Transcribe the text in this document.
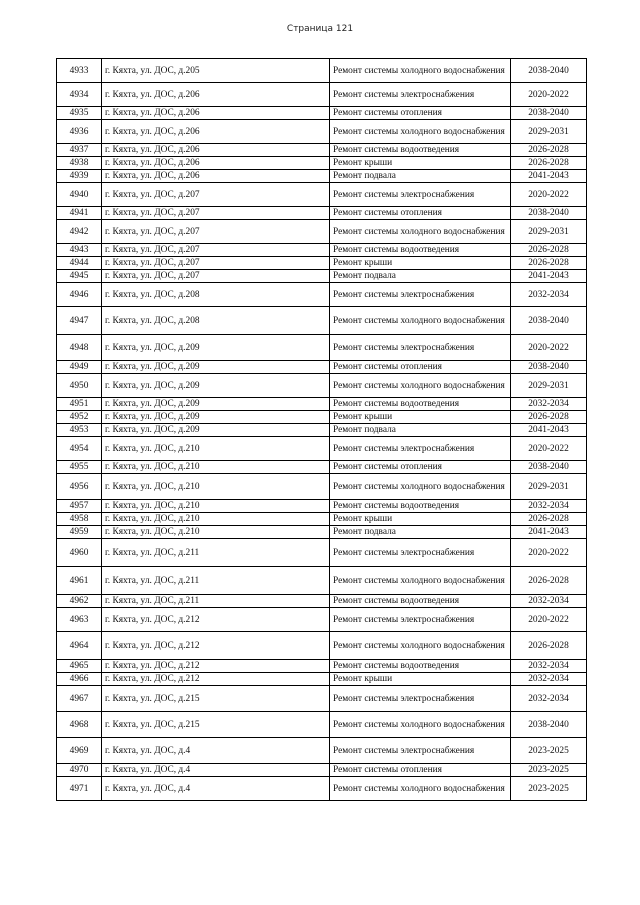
Страница 121
4933	г. Кяхта, ул. ДОС, д.205	Ремонт системы холодного водоснабжения	2038-2040
4934	г. Кяхта, ул. ДОС, д.206	Ремонт системы электроснабжения	2020-2022
4935	г. Кяхта, ул. ДОС, д.206	Ремонт системы отопления	2038-2040
4936	г. Кяхта, ул. ДОС, д.206	Ремонт системы холодного водоснабжения	2029-2031
4937	г. Кяхта, ул. ДОС, д.206	Ремонт системы водоотведения	2026-2028
4938	г. Кяхта, ул. ДОС, д.206	Ремонт крыши	2026-2028
4939	г. Кяхта, ул. ДОС, д.206	Ремонт подвала	2041-2043
4940	г. Кяхта, ул. ДОС, д.207	Ремонт системы электроснабжения	2020-2022
4941	г. Кяхта, ул. ДОС, д.207	Ремонт системы отопления	2038-2040
4942	г. Кяхта, ул. ДОС, д.207	Ремонт системы холодного водоснабжения	2029-2031
4943	г. Кяхта, ул. ДОС, д.207	Ремонт системы водоотведения	2026-2028
4944	г. Кяхта, ул. ДОС, д.207	Ремонт крыши	2026-2028
4945	г. Кяхта, ул. ДОС, д.207	Ремонт подвала	2041-2043
4946	г. Кяхта, ул. ДОС, д.208	Ремонт системы электроснабжения	2032-2034
4947	г. Кяхта, ул. ДОС, д.208	Ремонт системы холодного водоснабжения	2038-2040
4948	г. Кяхта, ул. ДОС, д.209	Ремонт системы электроснабжения	2020-2022
4949	г. Кяхта, ул. ДОС, д.209	Ремонт системы отопления	2038-2040
4950	г. Кяхта, ул. ДОС, д.209	Ремонт системы холодного водоснабжения	2029-2031
4951	г. Кяхта, ул. ДОС, д.209	Ремонт системы водоотведения	2032-2034
4952	г. Кяхта, ул. ДОС, д.209	Ремонт крыши	2026-2028
4953	г. Кяхта, ул. ДОС, д.209	Ремонт подвала	2041-2043
4954	г. Кяхта, ул. ДОС, д.210	Ремонт системы электроснабжения	2020-2022
4955	г. Кяхта, ул. ДОС, д.210	Ремонт системы отопления	2038-2040
4956	г. Кяхта, ул. ДОС, д.210	Ремонт системы холодного водоснабжения	2029-2031
4957	г. Кяхта, ул. ДОС, д.210	Ремонт системы водоотведения	2032-2034
4958	г. Кяхта, ул. ДОС, д.210	Ремонт крыши	2026-2028
4959	г. Кяхта, ул. ДОС, д.210	Ремонт подвала	2041-2043
4960	г. Кяхта, ул. ДОС, д.211	Ремонт системы электроснабжения	2020-2022
4961	г. Кяхта, ул. ДОС, д.211	Ремонт системы холодного водоснабжения	2026-2028
4962	г. Кяхта, ул. ДОС, д.211	Ремонт системы водоотведения	2032-2034
4963	г. Кяхта, ул. ДОС, д.212	Ремонт системы электроснабжения	2020-2022
4964	г. Кяхта, ул. ДОС, д.212	Ремонт системы холодного водоснабжения	2026-2028
4965	г. Кяхта, ул. ДОС, д.212	Ремонт системы водоотведения	2032-2034
4966	г. Кяхта, ул. ДОС, д.212	Ремонт крыши	2032-2034
4967	г. Кяхта, ул. ДОС, д.215	Ремонт системы электроснабжения	2032-2034
4968	г. Кяхта, ул. ДОС, д.215	Ремонт системы холодного водоснабжения	2038-2040
4969	г. Кяхта, ул. ДОС, д.4	Ремонт системы электроснабжения	2023-2025
4970	г. Кяхта, ул. ДОС, д.4	Ремонт системы отопления	2023-2025
4971	г. Кяхта, ул. ДОС, д.4	Ремонт системы холодного водоснабжения	2023-2025
